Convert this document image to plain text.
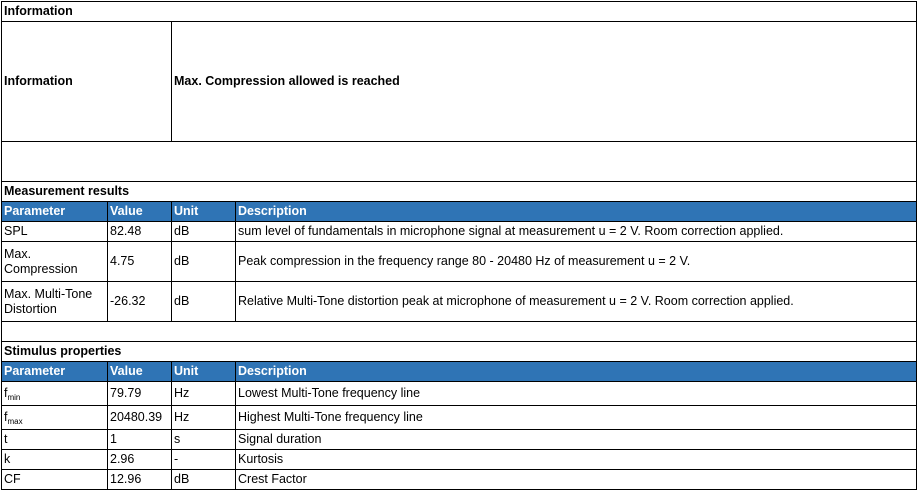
Information			
Information		Max. Compression allowed is reached	

Measurement results			
Parameter	Value	Unit	Description
SPL	82.48	dB	sum level of fundamentals in microphone signal at measurement u = 2 V. Room correction applied.
Max. Compression	4.75	dB	Peak compression in the frequency range 80 - 20480 Hz of measurement u = 2 V.
Max. Multi-Tone Distortion	-26.32	dB	Relative Multi-Tone distortion peak at microphone of measurement u = 2 V. Room correction applied.

Stimulus properties			
Parameter	Value	Unit	Description
$f_{min}$	79.79	Hz	Lowest Multi-Tone frequency line
$f_{max}$	20480.39	Hz	Highest Multi-Tone frequency line
t	1	s	Signal duration
k	2.96	-	Kurtosis
CF	12.96	dB	Crest Factor
